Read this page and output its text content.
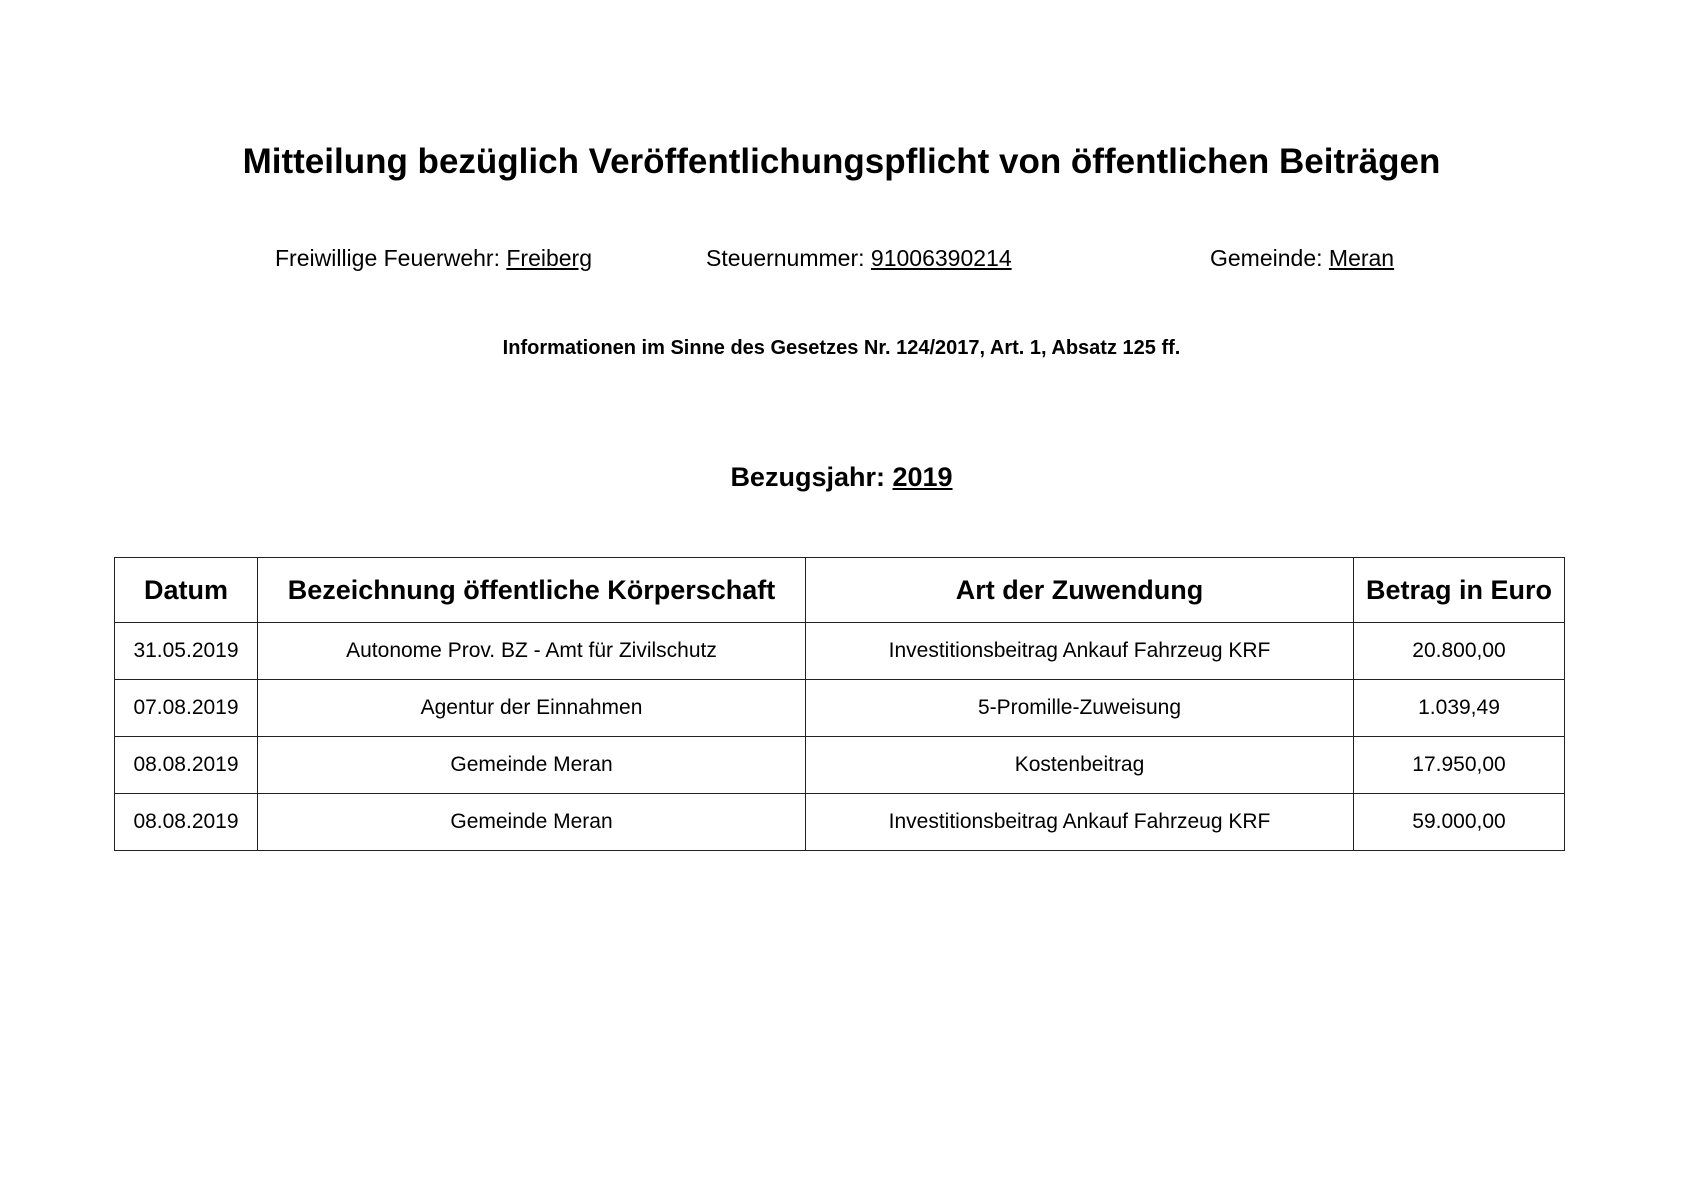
Mitteilung bezüglich Veröffentlichungspflicht von öffentlichen Beiträgen
Freiwillige Feuerwehr: Freiberg	Steuernummer: 91006390214	Gemeinde: Meran
Informationen im Sinne des Gesetzes Nr. 124/2017, Art. 1, Absatz 125 ff.
Bezugsjahr: 2019
Datum	Bezeichnung öffentliche Körperschaft	Art der Zuwendung	Betrag in Euro
31.05.2019	Autonome Prov. BZ - Amt für Zivilschutz	Investitionsbeitrag Ankauf Fahrzeug KRF	20.800,00
07.08.2019	Agentur der Einnahmen	5-Promille-Zuweisung	1.039,49
08.08.2019	Gemeinde Meran	Kostenbeitrag	17.950,00
08.08.2019	Gemeinde Meran	Investitionsbeitrag Ankauf Fahrzeug KRF	59.000,00
